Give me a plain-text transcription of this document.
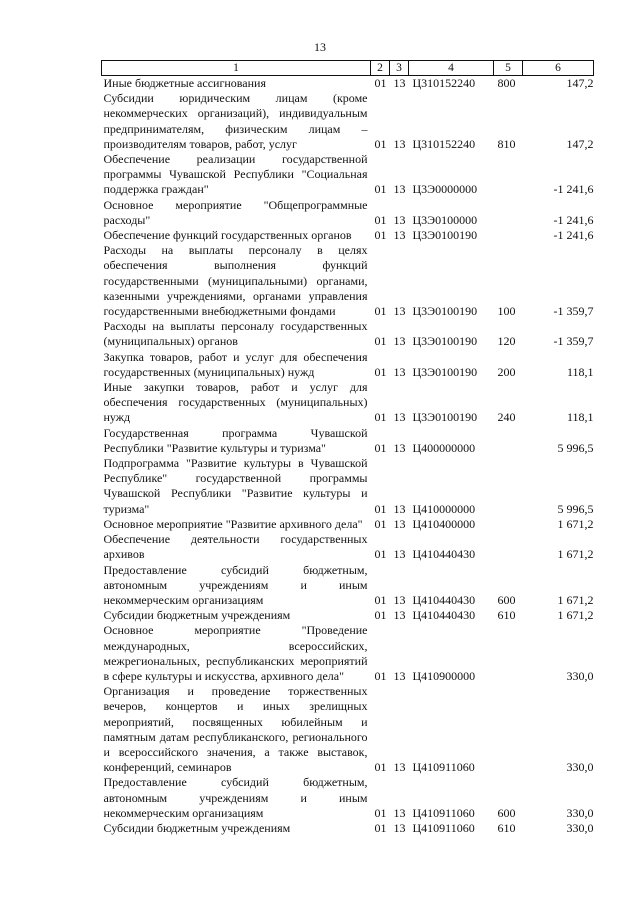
13
1	2	3	4	5	6
Иные бюджетные ассигнования	01	13	Ц310152240	800	147,2
Субсидии юридическим лицам (кроме некоммерческих организаций), индивидуальным предпринимателям, физическим лицам – производителям товаров, работ, услуг	01	13	Ц310152240	810	147,2
Обеспечение реализации государственной программы Чувашской Республики "Социальная поддержка граждан"	01	13	Ц3Э0000000		-1 241,6
Основное мероприятие "Общепрограммные расходы"	01	13	Ц3Э0100000		-1 241,6
Обеспечение функций государственных органов	01	13	Ц3Э0100190		-1 241,6
Расходы на выплаты персоналу в целях обеспечения выполнения функций государственными (муниципальными) органами, казенными учреждениями, органами управления государственными внебюджетными фондами	01	13	Ц3Э0100190	100	-1 359,7
Расходы на выплаты персоналу государственных (муниципальных) органов	01	13	Ц3Э0100190	120	-1 359,7
Закупка товаров, работ и услуг для обеспечения государственных (муниципальных) нужд	01	13	Ц3Э0100190	200	118,1
Иные закупки товаров, работ и услуг для обеспечения государственных (муниципальных) нужд	01	13	Ц3Э0100190	240	118,1
Государственная программа Чувашской Республики "Развитие культуры и туризма"	01	13	Ц400000000		5 996,5
Подпрограмма "Развитие культуры в Чувашской Республике" государственной программы Чувашской Республики "Развитие культуры и туризма"	01	13	Ц410000000		5 996,5
Основное мероприятие "Развитие архивного дела"	01	13	Ц410400000		1 671,2
Обеспечение деятельности государственных архивов	01	13	Ц410440430		1 671,2
Предоставление субсидий бюджетным, автономным учреждениям и иным некоммерческим организациям	01	13	Ц410440430	600	1 671,2
Субсидии бюджетным учреждениям	01	13	Ц410440430	610	1 671,2
Основное мероприятие "Проведение международных, всероссийских, межрегиональных, республиканских мероприятий в сфере культуры и искусства, архивного дела"	01	13	Ц410900000		330,0
Организация и проведение торжественных вечеров, концертов и иных зрелищных мероприятий, посвященных юбилейным и памятным датам республиканского, регионального и всероссийского значения, а также выставок, конференций, семинаров	01	13	Ц410911060		330,0
Предоставление субсидий бюджетным, автономным учреждениям и иным некоммерческим организациям	01	13	Ц410911060	600	330,0
Субсидии бюджетным учреждениям	01	13	Ц410911060	610	330,0
